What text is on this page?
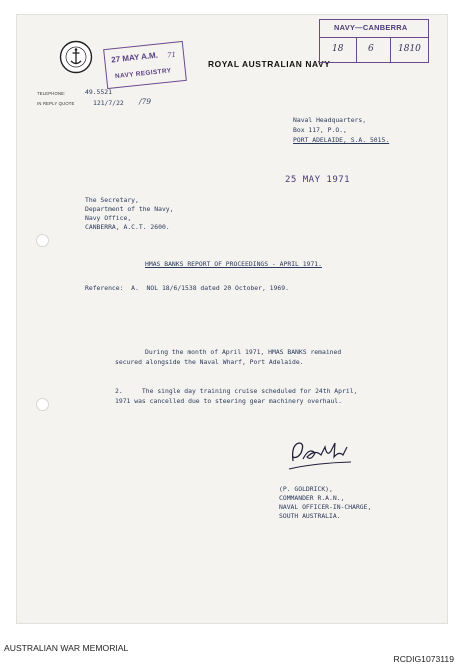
TELEPHONE:
IN REPLY QUOTE
49.5521
121/7/22 /79
ROYAL AUSTRALIAN NAVY
27 MAY A.M. 71
NAVY REGISTRY
NAVY—CANBERRA
18	6	1810
Naval Headquarters,
Box 117, P.O.,
PORT ADELAIDE, S.A. 5015.
25 MAY 1971
The Secretary,
Department of the Navy,
Navy Office,
CANBERRA, A.C.T. 2600.
HMAS BANKS REPORT OF PROCEEDINGS - APRIL 1971.
Reference:  A.  NOL 18/6/1538 dated 20 October, 1969.
During the month of April 1971, HMAS BANKS remained
secured alongside the Naval Wharf, Port Adelaide.
2.     The single day training cruise scheduled for 24th April,
1971 was cancelled due to steering gear machinery overhaul.
(P. GOLDRICK),
COMMANDER R.A.N.,
NAVAL OFFICER-IN-CHARGE,
SOUTH AUSTRALIA.
AUSTRALIAN WAR MEMORIAL
RCDIG1073119
